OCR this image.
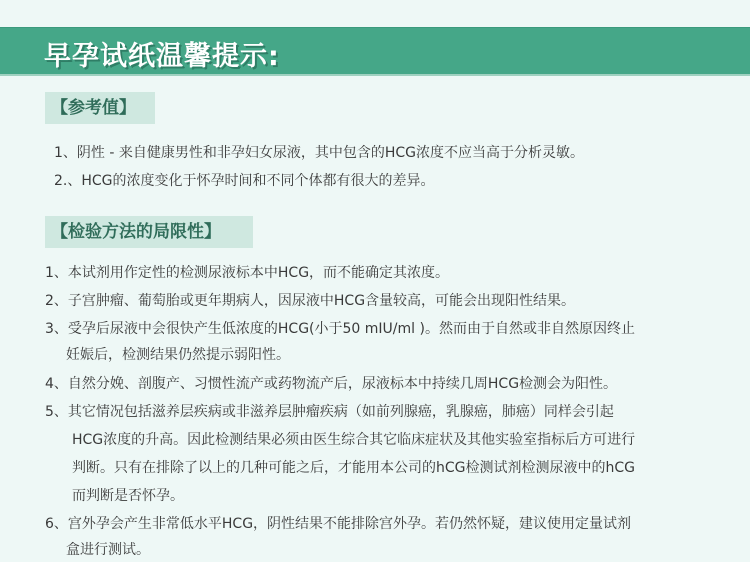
早孕试纸温馨提示:
【参考值】
1、阴性 - 来自健康男性和非孕妇女尿液，其中包含的HCG浓度不应当高于分析灵敏。
2.、HCG的浓度变化于怀孕时间和不同个体都有很大的差异。
【检验方法的局限性】
1、本试剂用作定性的检测尿液标本中HCG，而不能确定其浓度。
2、子宫肿瘤、葡萄胎或更年期病人，因尿液中HCG含量较高，可能会出现阳性结果。
3、受孕后尿液中会很快产生低浓度的HCG(小于50 mIU/ml )。然而由于自然或非自然原因终止
妊娠后，检测结果仍然提示弱阳性。
4、自然分娩、剖腹产、习惯性流产或药物流产后，尿液标本中持续几周HCG检测会为阳性。
5、其它情况包括滋养层疾病或非滋养层肿瘤疾病（如前列腺癌，乳腺癌，肺癌）同样会引起
HCG浓度的升高。因此检测结果必须由医生综合其它临床症状及其他实验室指标后方可进行
判断。只有在排除了以上的几种可能之后，才能用本公司的hCG检测试剂检测尿液中的hCG
而判断是否怀孕。
6、宫外孕会产生非常低水平HCG，阴性结果不能排除宫外孕。若仍然怀疑，建议使用定量试剂
盒进行测试。
